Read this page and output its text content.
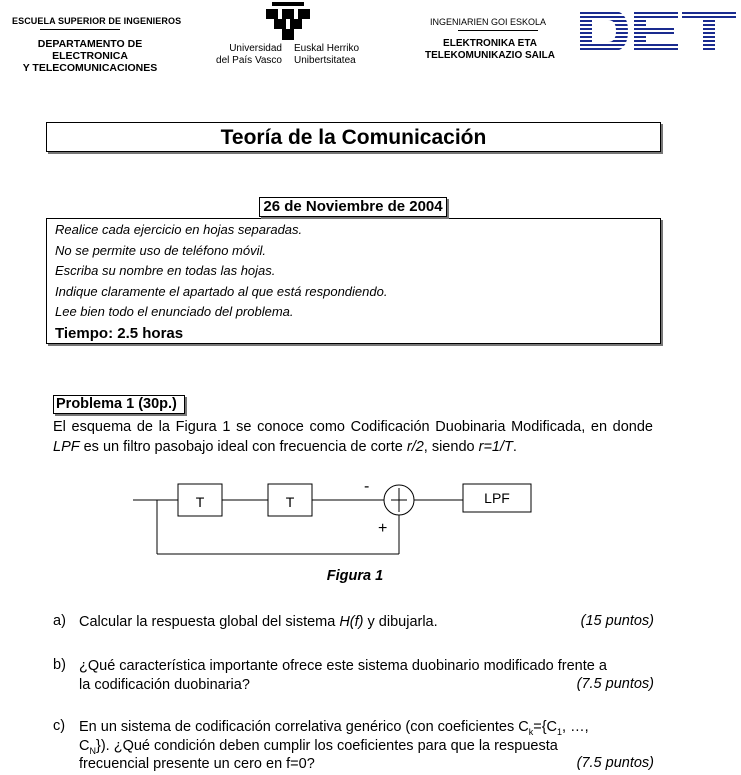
ESCUELA SUPERIOR DE INGENIEROS
DEPARTAMENTO DE ELECTRONICA
Y TELECOMUNICACIONES
Universidad
del País Vasco
Euskal Herriko
Unibertsitatea
INGENIARIEN GOI ESKOLA
ELEKTRONIKA ETA
TELEKOMUNIKAZIO SAILA
Teoría de la Comunicación
26 de Noviembre de 2004
Realice cada ejercicio en hojas separadas.
No se permite uso de teléfono móvil.
Escriba su nombre en todas las hojas.
Indique claramente el apartado al que está respondiendo.
Lee bien todo el enunciado del problema.
Tiempo: 2.5 horas
Problema 1 (30p.)
El esquema de la Figura 1 se conoce como Codificación Duobinaria Modificada, en donde LPF es un filtro pasobajo ideal con frecuencia de corte r/2, siendo r=1/T.
T	T	LPF
-
+
Figura 1
a) Calcular la respuesta global del sistema H(f) y dibujarla.	(15 puntos)
b) ¿Qué característica importante ofrece este sistema duobinario modificado frente a
la codificación duobinaria?	(7.5 puntos)
c) En un sistema de codificación correlativa genérico (con coeficientes $C_k=\{C_1$, …,
$C_N$}). ¿Qué condición deben cumplir los coeficientes para que la respuesta
frecuencial presente un cero en f=0?	(7.5 puntos)
